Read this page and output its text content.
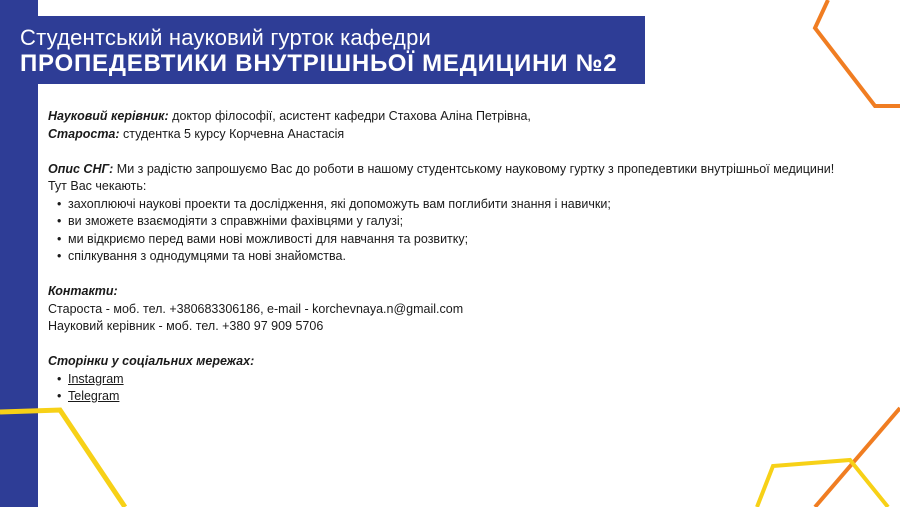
Студентський науковий гурток кафедри
ПРОПЕДЕВТИКИ ВНУТРІШНЬОЇ МЕДИЦИНИ №2

Науковий керівник: доктор філософії, асистент кафедри Стахова Аліна Петрівна,

Староста: студентка 5 курсу Корчевна Анастасія

Опис СНГ: Ми з радістю запрошуємо Вас до роботи в нашому студентському науковому гуртку з пропедевтики внутрішньої медицини!

Тут Вас чекають:

• захоплюючі наукові проекти та дослідження, які допоможуть вам поглибити знання і навички;
• ви зможете взаємодіяти з справжніми фахівцями у галузі;
• ми відкриємо перед вами нові можливості для навчання та розвитку;
• спілкування з однодумцями та нові знайомства.

Контакти:

Староста - моб. тел. +380683306186, e-mail - korchevnaya.n@gmail.com

Науковий керівник - моб. тел. +380 97 909 5706

Сторінки у соціальних мережах:

• Instagram
• Telegram
